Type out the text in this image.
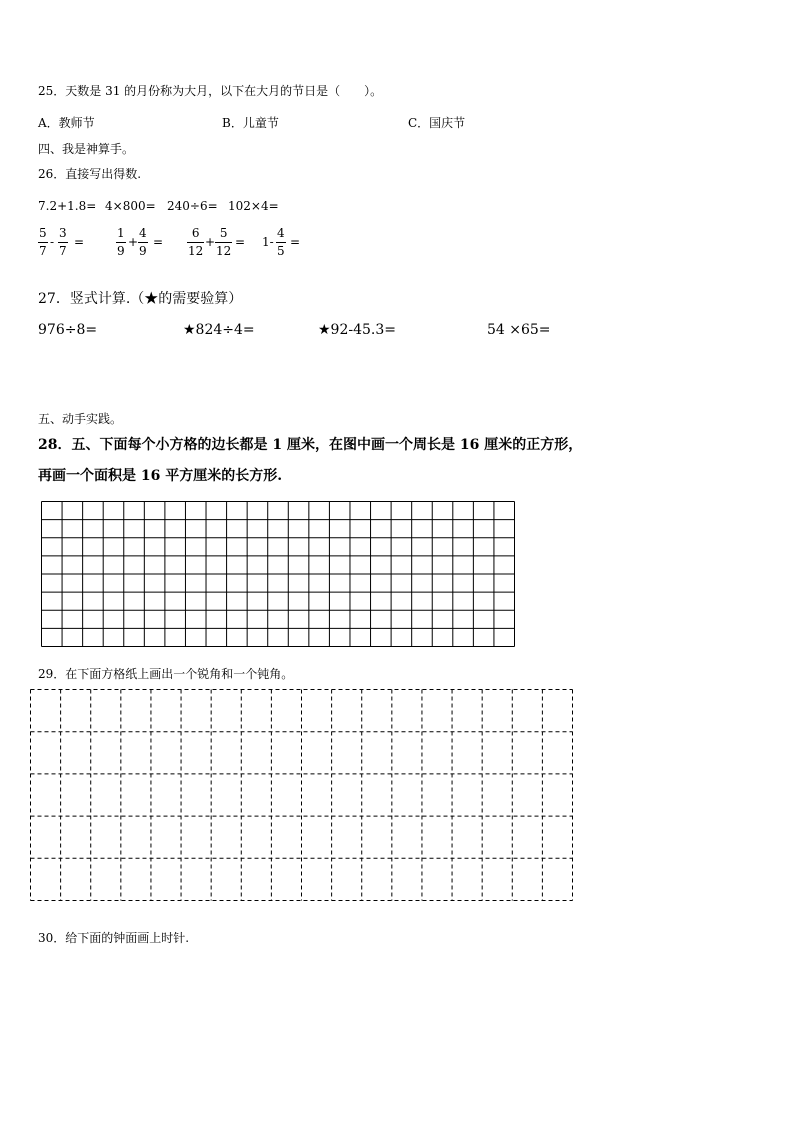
25．天数是 31 的月份称为大月，以下在大月的节日是（　　）。
A．教师节	B．儿童节	C．国庆节
四、我是神算手。
26．直接写出得数.
7.2+1.8= 4×800= 240÷6= 102×4=
5
7
-
3
7
=
1
9
+
4
9
=
6
12
+
5
12
= 1-
4
5
=
27．竖式计算.（★的需要验算）
976÷8=	★824÷4=	★92-45.3=	54 ×65=
五、动手实践。
28．五、下面每个小方格的边长都是 1 厘米，在图中画一个周长是 16 厘米的正方形，
再画一个面积是 16 平方厘米的长方形.
29．在下面方格纸上画出一个锐角和一个钝角。
30．给下面的钟面画上时针.
